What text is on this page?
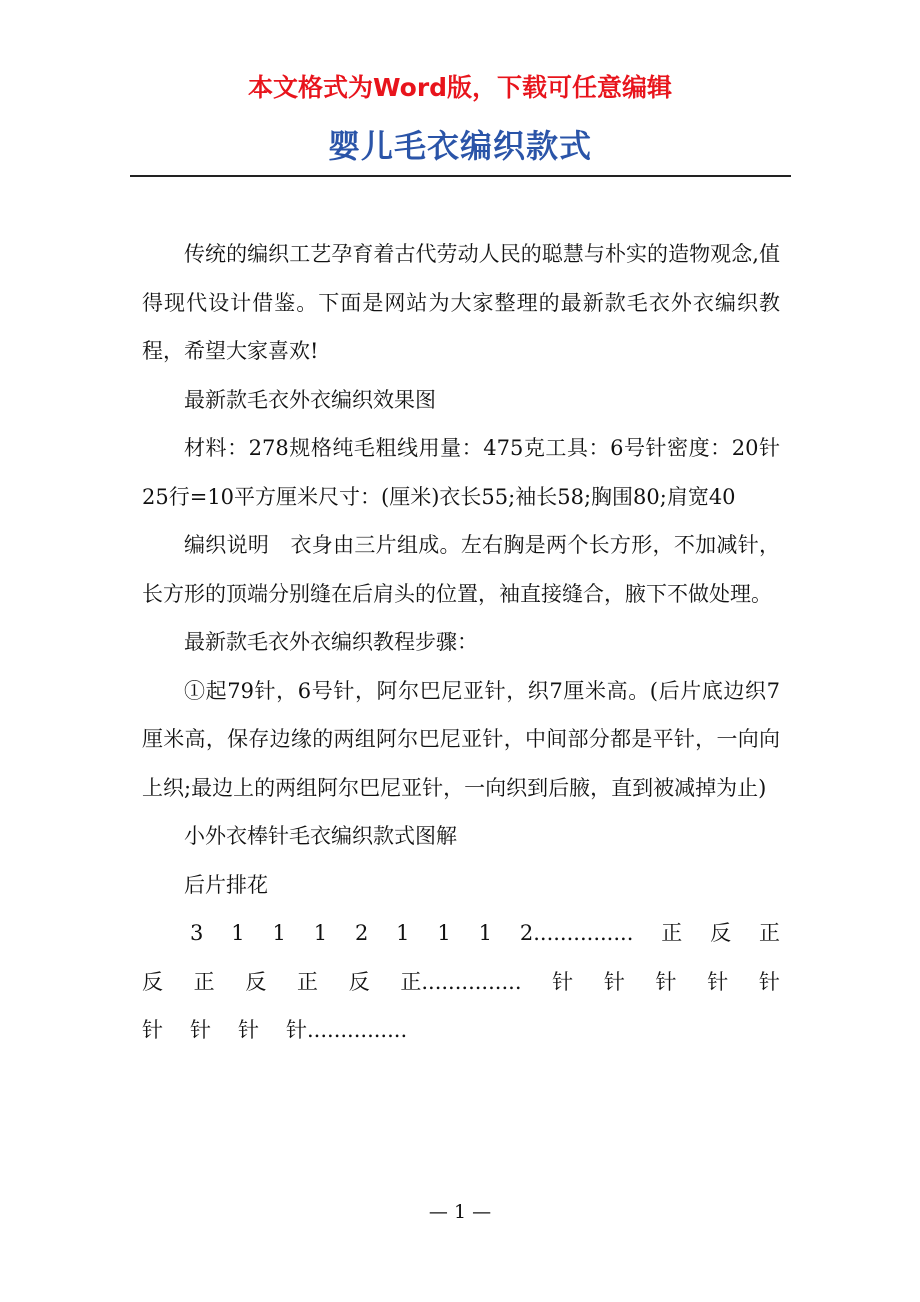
本文格式为Word版，下载可任意编辑
婴儿毛衣编织款式

传统的编织工艺孕育着古代劳动人民的聪慧与朴实的造物观念,值得现代设计借鉴。下面是网站为大家整理的最新款毛衣外衣编织教程，希望大家喜欢!

最新款毛衣外衣编织效果图

材料：278规格纯毛粗线用量：475克工具：6号针密度：20针25行=10平方厘米尺寸：(厘米)衣长55;袖长58;胸围80;肩宽40

编织说明　衣身由三片组成。左右胸是两个长方形，不加减针，长方形的顶端分别缝在后肩头的位置，袖直接缝合，腋下不做处理。

最新款毛衣外衣编织教程步骤：

①起79针，6号针，阿尔巴尼亚针，织7厘米高。(后片底边织7厘米高，保存边缘的两组阿尔巴尼亚针，中间部分都是平针，一向向上织;最边上的两组阿尔巴尼亚针，一向织到后腋，直到被减掉为止)

小外衣棒针毛衣编织款式图解

后片排花

3 1 1 1 2 1 1 1 2............... 正 反 正
反 正 反 正 反 正............... 针 针 针 针 针
针 针 针 针...............
— 1 —
